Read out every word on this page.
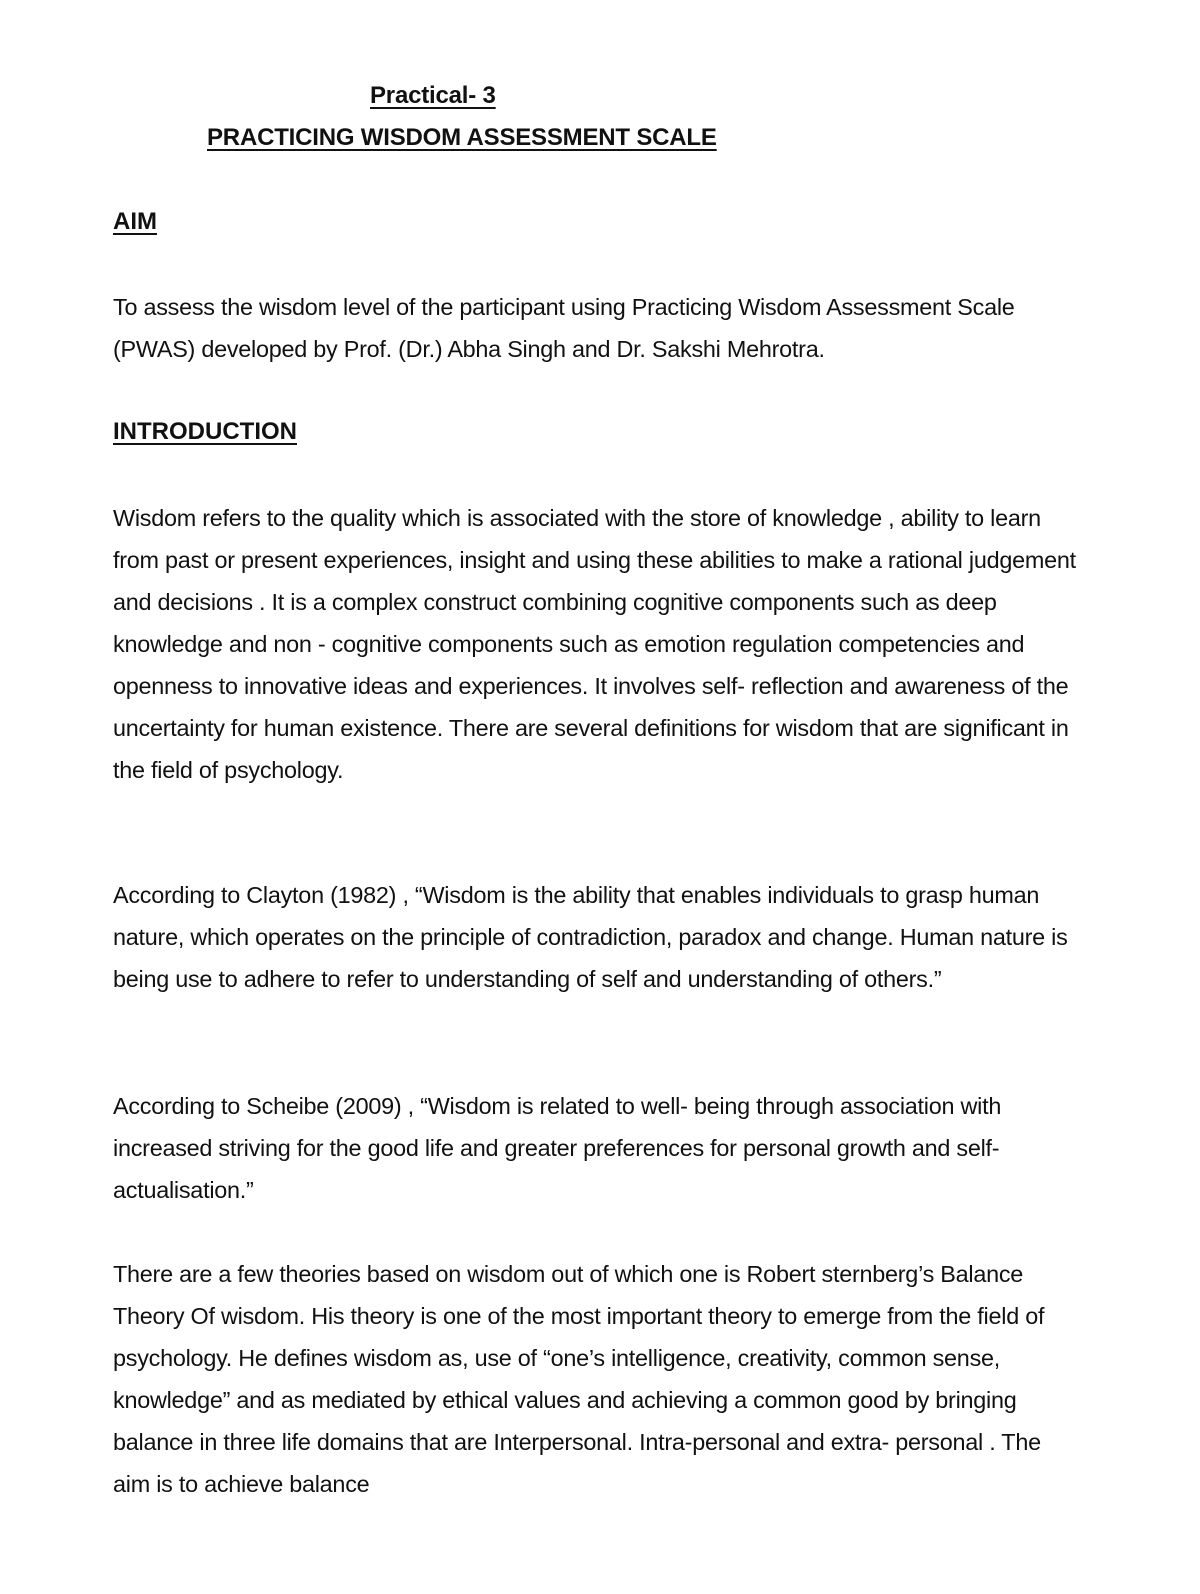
Practical- 3
PRACTICING WISDOM ASSESSMENT SCALE
AIM

To assess the wisdom level of the participant using Practicing Wisdom Assessment Scale (PWAS) developed by Prof. (Dr.) Abha Singh and Dr. Sakshi Mehrotra.

INTRODUCTION

Wisdom refers to the quality which is associated with the store of knowledge , ability to learn from past or present experiences, insight and using these abilities to make a rational judgement and decisions . It is a complex construct combining cognitive components such as deep knowledge and non - cognitive components such as emotion regulation competencies and openness to innovative ideas and experiences. It involves self- reflection and awareness of the uncertainty for human existence. There are several definitions for wisdom that are significant in the field of psychology.

According to Clayton (1982) , “Wisdom is the ability that enables individuals to grasp human nature, which operates on the principle of contradiction, paradox and change. Human nature is being use to adhere to refer to understanding of self and understanding of others.”

According to Scheibe (2009) , “Wisdom is related to well- being through association with increased striving for the good life and greater preferences for personal growth and self- actualisation.”

There are a few theories based on wisdom out of which one is Robert sternberg’s Balance Theory Of wisdom. His theory is one of the most important theory to emerge from the field of psychology. He defines wisdom as, use of “one’s intelligence, creativity, common sense, knowledge” and as mediated by ethical values and achieving a common good by bringing balance in three life domains that are Interpersonal. Intra-personal and extra- personal . The aim is to achieve balance
